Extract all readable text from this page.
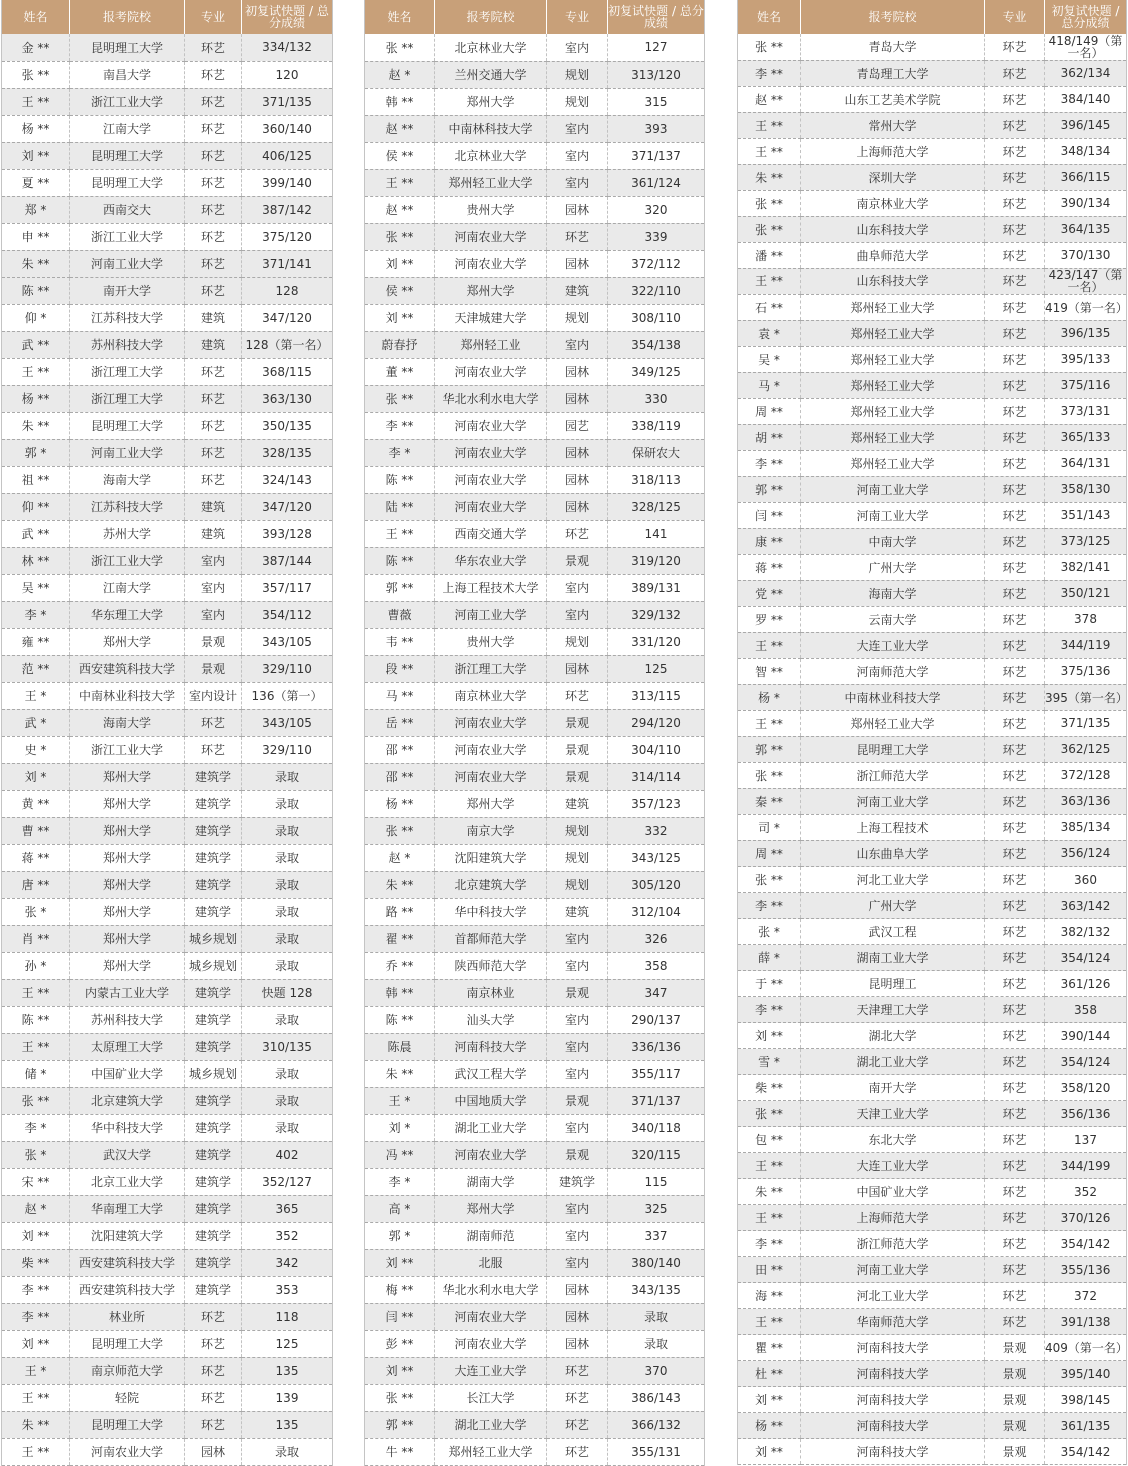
姓名	报考院校	专业	初复试快题 / 总分成绩
金 **	昆明理工大学	环艺	334/132
张 **	南昌大学	环艺	120
王 **	浙江工业大学	环艺	371/135
杨 **	江南大学	环艺	360/140
刘 **	昆明理工大学	环艺	406/125
夏 **	昆明理工大学	环艺	399/140
郑 *	西南交大	环艺	387/142
申 **	浙江工业大学	环艺	375/120
朱 **	河南工业大学	环艺	371/141
陈 **	南开大学	环艺	128
仰 *	江苏科技大学	建筑	347/120
武 **	苏州科技大学	建筑	128（第一名）
王 **	浙江理工大学	环艺	368/115
杨 **	浙江理工大学	环艺	363/130
朱 **	昆明理工大学	环艺	350/135
郭 *	河南工业大学	环艺	328/135
祖 **	海南大学	环艺	324/143
仰 **	江苏科技大学	建筑	347/120
武 **	苏州大学	建筑	393/128
林 **	浙江工业大学	室内	387/144
吴 **	江南大学	室内	357/117
李 *	华东理工大学	室内	354/112
雍 **	郑州大学	景观	343/105
范 **	西安建筑科技大学	景观	329/110
王 *	中南林业科技大学	室内设计	136（第一）
武 *	海南大学	环艺	343/105
史 *	浙江工业大学	环艺	329/110
刘 *	郑州大学	建筑学	录取
黄 **	郑州大学	建筑学	录取
曹 **	郑州大学	建筑学	录取
蒋 **	郑州大学	建筑学	录取
唐 **	郑州大学	建筑学	录取
张 *	郑州大学	建筑学	录取
肖 **	郑州大学	城乡规划	录取
孙 *	郑州大学	城乡规划	录取
王 **	内蒙古工业大学	建筑学	快题 128
陈 **	苏州科技大学	建筑学	录取
王 **	太原理工大学	建筑学	310/135
储 *	中国矿业大学	城乡规划	录取
张 **	北京建筑大学	建筑学	录取
李 *	华中科技大学	建筑学	录取
张 *	武汉大学	建筑学	402
宋 **	北京工业大学	建筑学	352/127
赵 *	华南理工大学	建筑学	365
刘 **	沈阳建筑大学	建筑学	352
柴 **	西安建筑科技大学	建筑学	342
李 **	西安建筑科技大学	建筑学	353
李 **	林业所	环艺	118
刘 **	昆明理工大学	环艺	125
王 *	南京师范大学	环艺	135
王 **	轻院	环艺	139
朱 **	昆明理工大学	环艺	135
王 **	河南农业大学	园林	录取
姓名	报考院校	专业	初复试快题 / 总分成绩
张 **	北京林业大学	室内	127
赵 *	兰州交通大学	规划	313/120
韩 **	郑州大学	规划	315
赵 **	中南林科技大学	室内	393
侯 **	北京林业大学	室内	371/137
王 **	郑州轻工业大学	室内	361/124
赵 **	贵州大学	园林	320
张 **	河南农业大学	环艺	339
刘 **	河南农业大学	园林	372/112
侯 **	郑州大学	建筑	322/110
刘 **	天津城建大学	规划	308/110
蔚春抒	郑州轻工业	室内	354/138
董 **	河南农业大学	园林	349/125
张 **	华北水利水电大学	园林	330
李 **	河南农业大学	园艺	338/119
李 *	河南农业大学	园林	保研农大
陈 **	河南农业大学	园林	318/113
陆 **	河南农业大学	园林	328/125
王 **	西南交通大学	环艺	141
陈 **	华东农业大学	景观	319/120
郭 **	上海工程技术大学	室内	389/131
曹薇	河南工业大学	室内	329/132
韦 **	贵州大学	规划	331/120
段 **	浙江理工大学	园林	125
马 **	南京林业大学	环艺	313/115
岳 **	河南农业大学	景观	294/120
邵 **	河南农业大学	景观	304/110
邵 **	河南农业大学	景观	314/114
杨 **	郑州大学	建筑	357/123
张 **	南京大学	规划	332
赵 *	沈阳建筑大学	规划	343/125
朱 **	北京建筑大学	规划	305/120
路 **	华中科技大学	建筑	312/104
翟 **	首都师范大学	室内	326
乔 **	陕西师范大学	室内	358
韩 **	南京林业	景观	347
陈 **	汕头大学	室内	290/137
陈晨	河南科技大学	室内	336/136
朱 **	武汉工程大学	室内	355/117
王 *	中国地质大学	景观	371/137
刘 *	湖北工业大学	室内	340/118
冯 **	河南农业大学	景观	320/115
李 *	湖南大学	建筑学	115
高 *	郑州大学	室内	325
郭 *	湖南师范	室内	337
刘 **	北服	室内	380/140
梅 **	华北水利水电大学	园林	343/135
闫 **	河南农业大学	园林	录取
彭 **	河南农业大学	园林	录取
刘 **	大连工业大学	环艺	370
张 **	长江大学	环艺	386/143
郭 **	湖北工业大学	环艺	366/132
牛 **	郑州轻工业大学	环艺	355/131
姓名	报考院校	专业	初复试快题 / 总分成绩
张 **	青岛大学	环艺	418/149（第一名）
李 **	青岛理工大学	环艺	362/134
赵 **	山东工艺美术学院	环艺	384/140
王 **	常州大学	环艺	396/145
王 **	上海师范大学	环艺	348/134
朱 **	深圳大学	环艺	366/115
张 **	南京林业大学	环艺	390/134
张 **	山东科技大学	环艺	364/135
潘 **	曲阜师范大学	环艺	370/130
王 **	山东科技大学	环艺	423/147（第一名）
石 **	郑州轻工业大学	环艺	419（第一名）
袁 *	郑州轻工业大学	环艺	396/135
吴 *	郑州轻工业大学	环艺	395/133
马 *	郑州轻工业大学	环艺	375/116
周 **	郑州轻工业大学	环艺	373/131
胡 **	郑州轻工业大学	环艺	365/133
李 **	郑州轻工业大学	环艺	364/131
郭 **	河南工业大学	环艺	358/130
闫 **	河南工业大学	环艺	351/143
康 **	中南大学	环艺	373/125
蒋 **	广州大学	环艺	382/141
党 **	海南大学	环艺	350/121
罗 **	云南大学	环艺	378
王 **	大连工业大学	环艺	344/119
智 **	河南师范大学	环艺	375/136
杨 *	中南林业科技大学	环艺	395（第一名）
王 **	郑州轻工业大学	环艺	371/135
郭 **	昆明理工大学	环艺	362/125
张 **	浙江师范大学	环艺	372/128
秦 **	河南工业大学	环艺	363/136
司 *	上海工程技术	环艺	385/134
周 **	山东曲阜大学	环艺	356/124
张 **	河北工业大学	环艺	360
李 **	广州大学	环艺	363/142
张 *	武汉工程	环艺	382/132
薛 *	湖南工业大学	环艺	354/124
于 **	昆明理工	环艺	361/126
李 **	天津理工大学	环艺	358
刘 **	湖北大学	环艺	390/144
雪 *	湖北工业大学	环艺	354/124
柴 **	南开大学	环艺	358/120
张 **	天津工业大学	环艺	356/136
包 **	东北大学	环艺	137
王 **	大连工业大学	环艺	344/199
朱 **	中国矿业大学	环艺	352
王 **	上海师范大学	环艺	370/126
李 **	浙江师范大学	环艺	354/142
田 **	河南工业大学	环艺	355/136
海 **	河北工业大学	环艺	372
王 **	华南师范大学	环艺	391/138
瞿 **	河南科技大学	景观	409（第一名）
杜 **	河南科技大学	景观	395/140
刘 **	河南科技大学	景观	398/145
杨 **	河南科技大学	景观	361/135
刘 **	河南科技大学	景观	354/142
